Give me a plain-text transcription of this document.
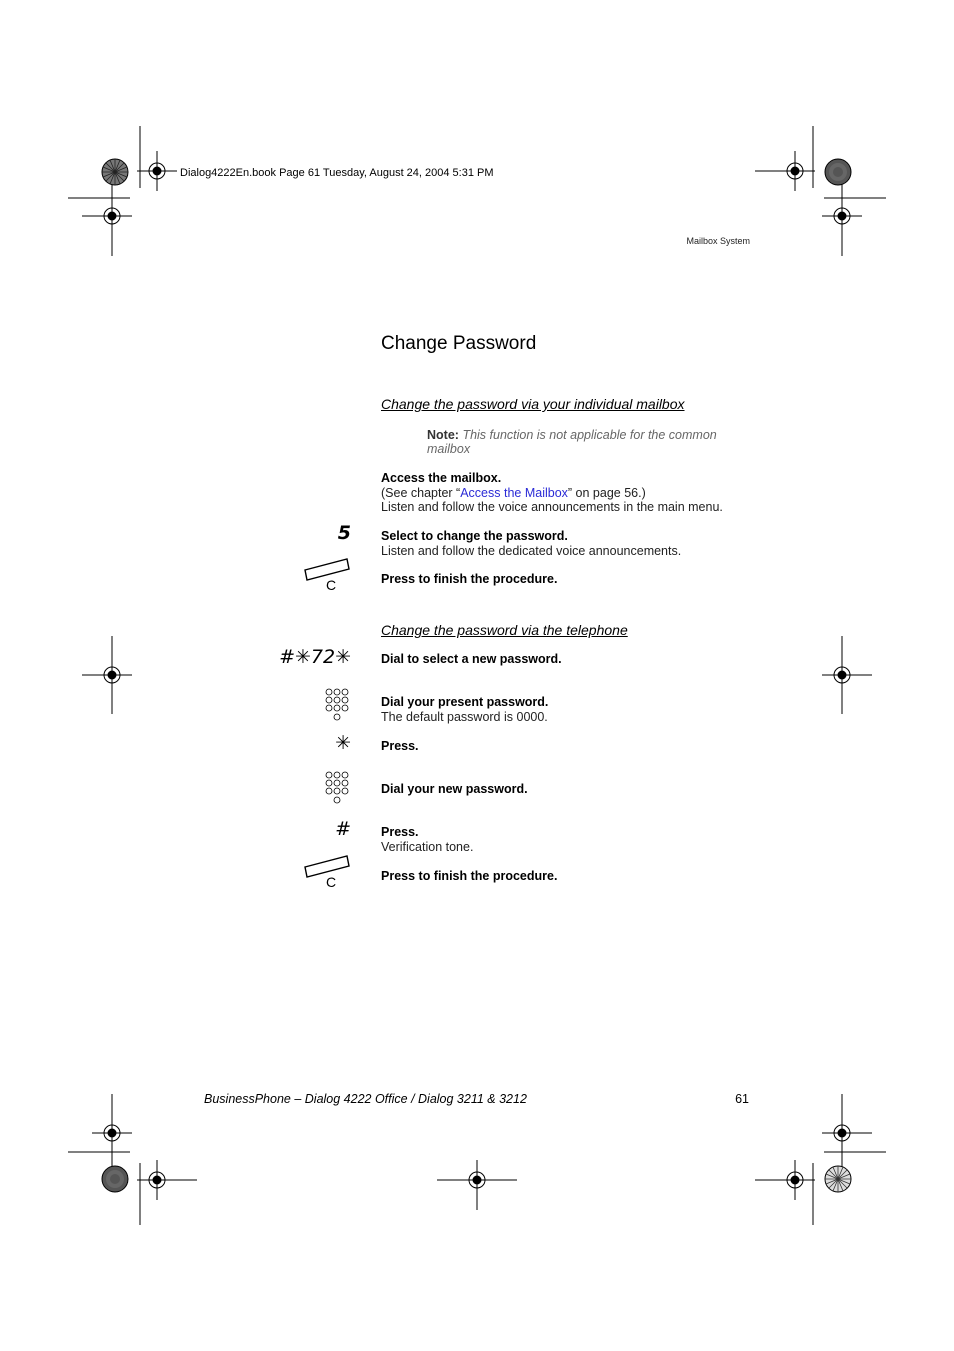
Dialog4222En.book Page 61 Tuesday, August 24, 2004 5:31 PM
Mailbox System
Change Password
Change the password via your individual mailbox
Note: This function is not applicable for the common mailbox
Access the mailbox.
(See chapter “Access the Mailbox” on page 56.)
Listen and follow the voice announcements in the main menu.
5 Select to change the password.
Listen and follow the dedicated voice announcements.
C	Press to finish the procedure.
Change the password via the telephone
#✳72✳ Dial to select a new password.
Dial your present password.
The default password is 0000.
✳ Press.
Dial your new password.
# Press.
Verification tone.
C	Press to finish the procedure.
BusinessPhone – Dialog 4222 Office / Dialog 3211 & 3212	61
